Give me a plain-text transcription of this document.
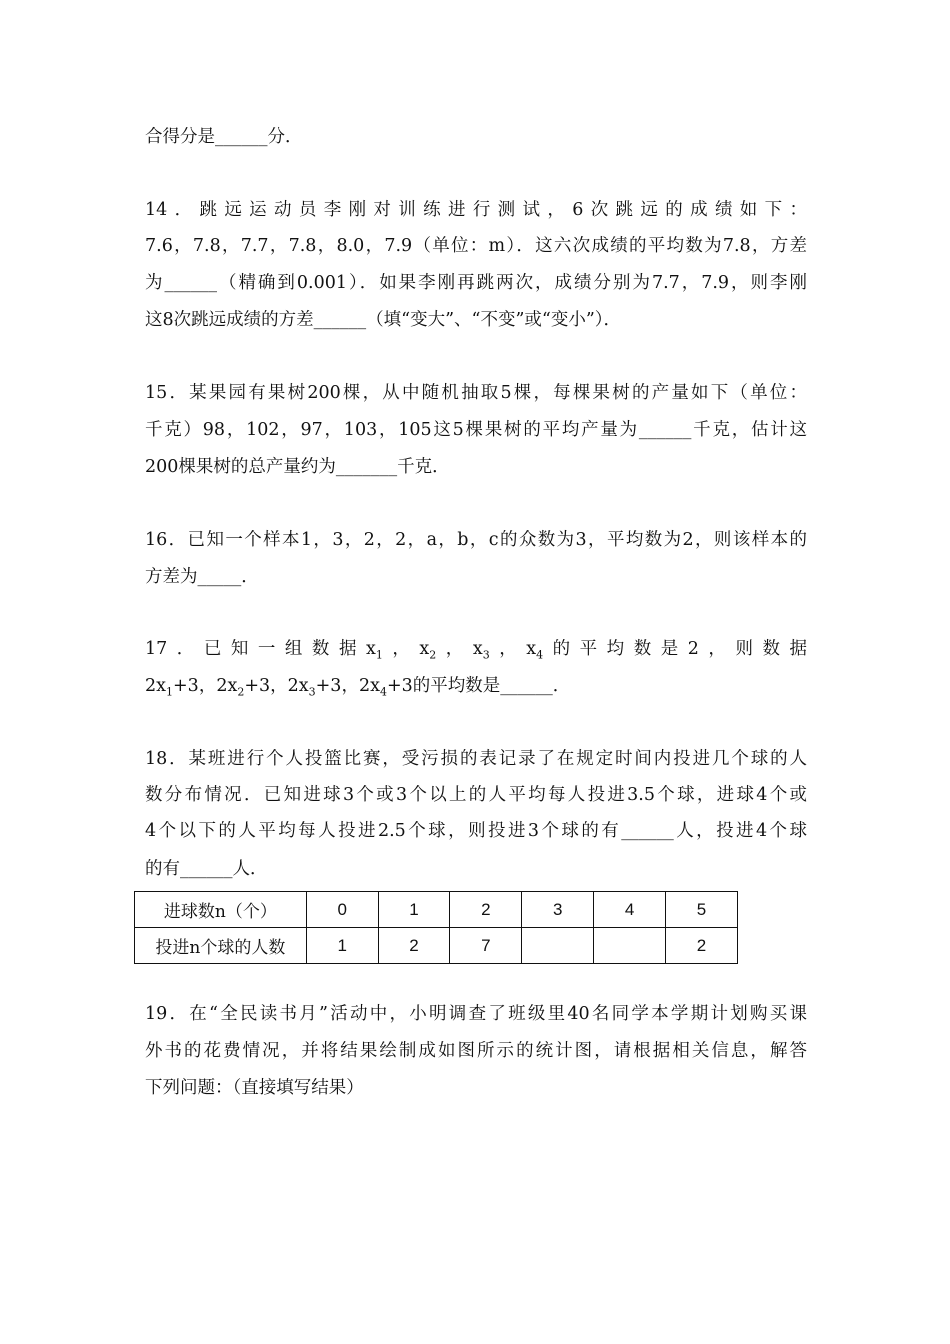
合得分是______分．
14．跳远运动员李刚对训练进行测试，6次跳远的成绩如下：
7.6，7.8，7.7，7.8，8.0，7.9（单位：m）．这六次成绩的平均数为7.8，方差
为______（精确到0.001）．如果李刚再跳两次，成绩分别为7.7，7.9，则李刚
这8次跳远成绩的方差______（填“变大”、“不变”或“变小”）．
15．某果园有果树200棵，从中随机抽取5棵，每棵果树的产量如下（单位：
千克）98，102，97，103，105这5棵果树的平均产量为______千克，估计这
200棵果树的总产量约为_______千克．
16．已知一个样本1，3，2，2，a，b，c的众数为3，平均数为2，则该样本的
方差为_____．
17．已知一组数据$x_1$，$x_2$，$x_3$，$x_4$的平均数是2，则数据
$2x_1+3$，$2x_2+3$，$2x_3+3$，$2x_4+3$的平均数是______．
18．某班进行个人投篮比赛，受污损的表记录了在规定时间内投进几个球的人
数分布情况．已知进球3个或3个以上的人平均每人投进3.5个球，进球4个或
4个以下的人平均每人投进2.5个球，则投进3个球的有______人，投进4个球
的有______人．
进球数n（个）	0	1	2	3	4	5
投进n个球的人数	1	2	7			2
19．在“全民读书月”活动中，小明调查了班级里40名同学本学期计划购买课
外书的花费情况，并将结果绘制成如图所示的统计图，请根据相关信息，解答
下列问题：（直接填写结果）
